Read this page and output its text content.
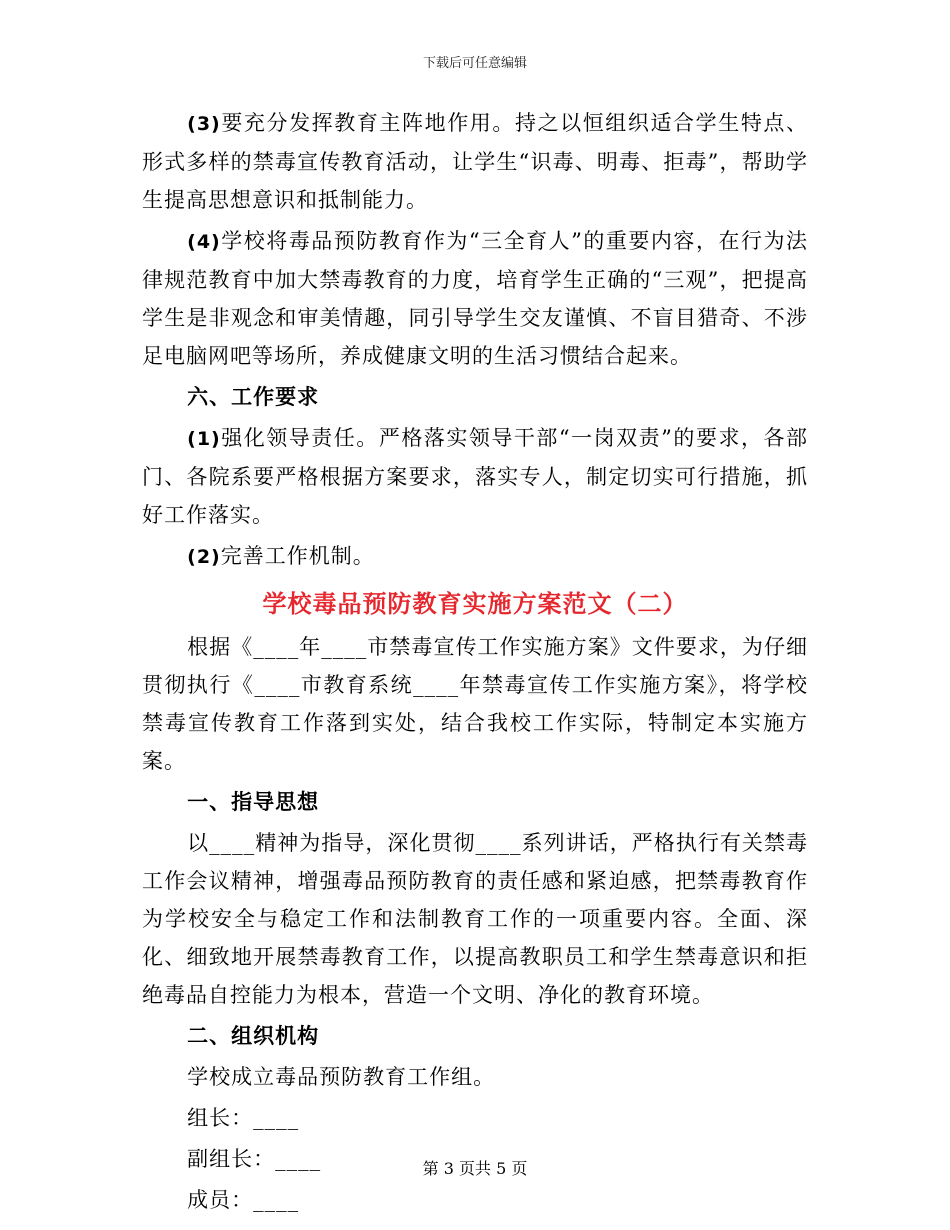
下载后可任意编辑

(3)要充分发挥教育主阵地作用。持之以恒组织适合学生特点、形式多样的禁毒宣传教育活动，让学生“识毒、明毒、拒毒”，帮助学生提高思想意识和抵制能力。

(4)学校将毒品预防教育作为“三全育人”的重要内容，在行为法律规范教育中加大禁毒教育的力度，培育学生正确的“三观”，把提高学生是非观念和审美情趣，同引导学生交友谨慎、不盲目猎奇、不涉足电脑网吧等场所，养成健康文明的生活习惯结合起来。

六、工作要求

(1)强化领导责任。严格落实领导干部“一岗双责”的要求，各部门、各院系要严格根据方案要求，落实专人，制定切实可行措施，抓好工作落实。

(2)完善工作机制。

学校毒品预防教育实施方案范文（二）

根据《____年____市禁毒宣传工作实施方案》文件要求，为仔细贯彻执行《____市教育系统____年禁毒宣传工作实施方案》，将学校禁毒宣传教育工作落到实处，结合我校工作实际，特制定本实施方案。

一、指导思想

以____精神为指导，深化贯彻____系列讲话，严格执行有关禁毒工作会议精神，增强毒品预防教育的责任感和紧迫感，把禁毒教育作为学校安全与稳定工作和法制教育工作的一项重要内容。全面、深化、细致地开展禁毒教育工作，以提高教职员工和学生禁毒意识和拒绝毒品自控能力为根本，营造一个文明、净化的教育环境。

二、组织机构

学校成立毒品预防教育工作组。

组长：____

副组长：____

成员：____

第 3 页共 5 页
